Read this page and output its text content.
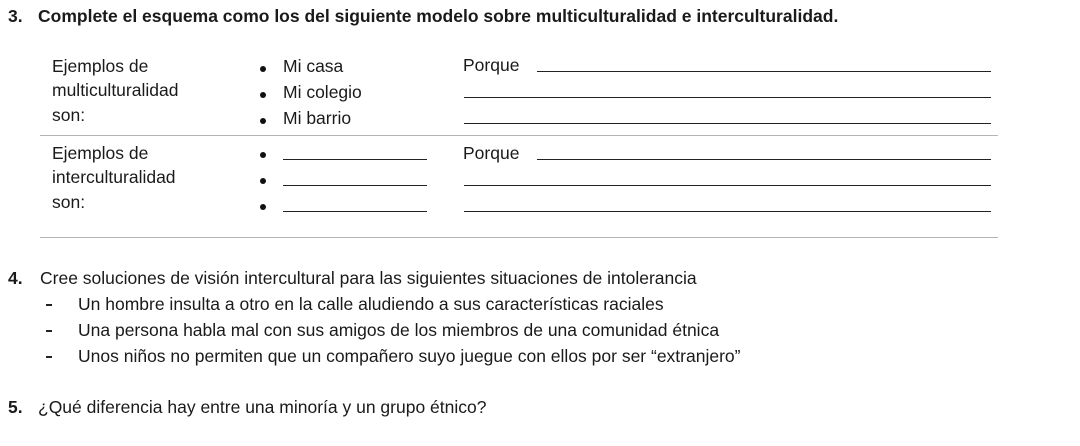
3. Complete el esquema como los del siguiente modelo sobre multiculturalidad e interculturalidad.
Ejemplos de
multiculturalidad
son:
Mi casa
Mi colegio
Mi barrio
Porque
Ejemplos de
interculturalidad
son:
Porque
4. Cree soluciones de visión intercultural para las siguientes situaciones de intolerancia
Un hombre insulta a otro en la calle aludiendo a sus características raciales
Una persona habla mal con sus amigos de los miembros de una comunidad étnica
Unos niños no permiten que un compañero suyo juegue con ellos por ser “extranjero”
5. ¿Qué diferencia hay entre una minoría y un grupo étnico?
